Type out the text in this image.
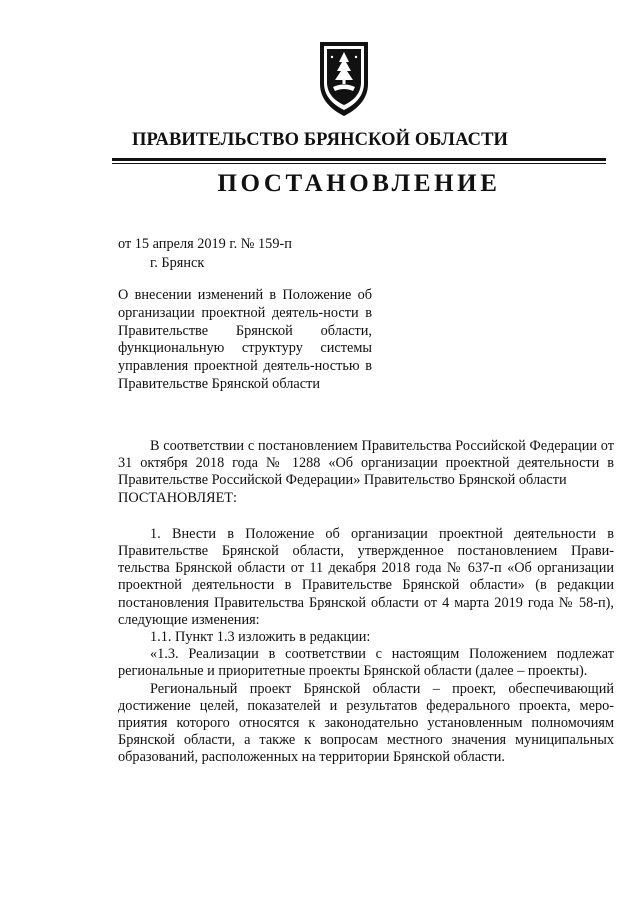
ПРАВИТЕЛЬСТВО БРЯНСКОЙ ОБЛАСТИ
ПОСТАНОВЛЕНИЕ
от 15 апреля 2019 г. № 159-п
г. Брянск
О внесении изменений в Положение об организации проектной деятель-ности в Правительстве Брянской области, функциональную структуру системы управления проектной деятель-ностью в Правительстве Брянской области

В соответствии с постановлением Правительства Российской Федерации от 31 октября 2018 года № 1288 «Об организации проектной деятельности в Правительстве Российской Федерации» Правительство Брянской области

ПОСТАНОВЛЯЕТ:

1. Внести в Положение об организации проектной деятельности в Правительстве Брянской области, утвержденное постановлением Прави-тельства Брянской области от 11 декабря 2018 года № 637-п «Об организации проектной деятельности в Правительстве Брянской области» (в редакции постановления Правительства Брянской области от 4 марта 2019 года № 58-п), следующие изменения:

1.1. Пункт 1.3 изложить в редакции:

«1.3. Реализации в соответствии с настоящим Положением подлежат региональные и приоритетные проекты Брянской области (далее – проекты).

Региональный проект Брянской области – проект, обеспечивающий достижение целей, показателей и результатов федерального проекта, меро-приятия которого относятся к законодательно установленным полномочиям Брянской области, а также к вопросам местного значения муниципальных образований, расположенных на территории Брянской области.
